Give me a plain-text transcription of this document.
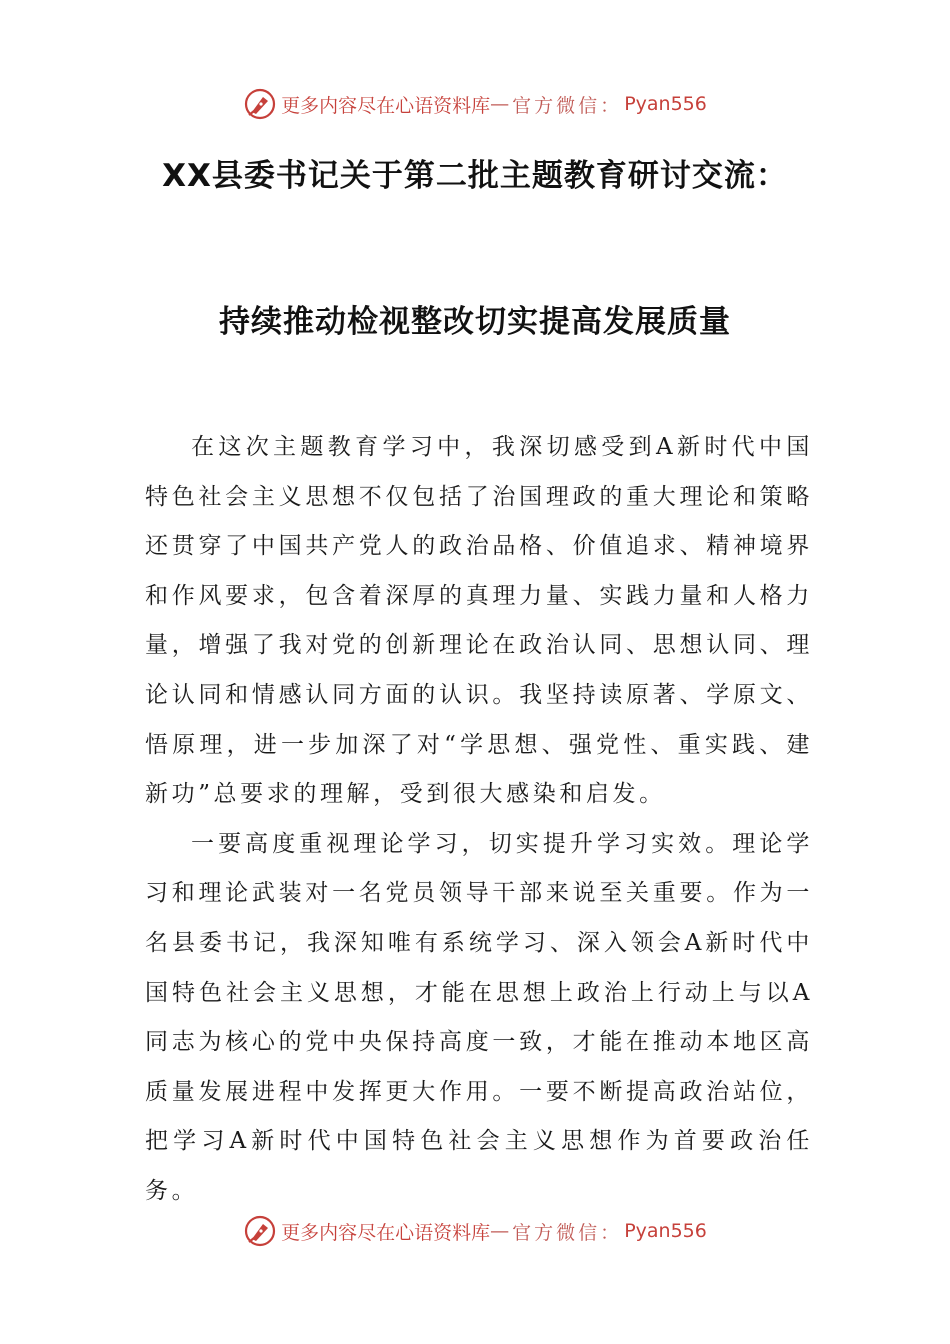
更多内容尽在心语资料库 — 官方微信： Pyan556
XX县委书记关于第二批主题教育研讨交流：
持续推动检视整改切实提高发展质量

在这次主题教育学习中，我深切感受到A新时代中国特色社会主义思想不仅包括了治国理政的重大理论和策略还贯穿了中国共产党人的政治品格、价值追求、精神境界和作风要求，包含着深厚的真理力量、实践力量和人格力量，增强了我对党的创新理论在政治认同、思想认同、理论认同和情感认同方面的认识。我坚持读原著、学原文、悟原理，进一步加深了对“学思想、强党性、重实践、建新功”总要求的理解，受到很大感染和启发。

一要高度重视理论学习，切实提升学习实效。理论学习和理论武装对一名党员领导干部来说至关重要。作为一名县委书记，我深知唯有系统学习、深入领会A新时代中国特色社会主义思想，才能在思想上政治上行动上与以A同志为核心的党中央保持高度一致，才能在推动本地区高质量发展进程中发挥更大作用。一要不断提高政治站位，把学习A新时代中国特色社会主义思想作为首要政治任务。

更多内容尽在心语资料库 — 官方微信： Pyan556
